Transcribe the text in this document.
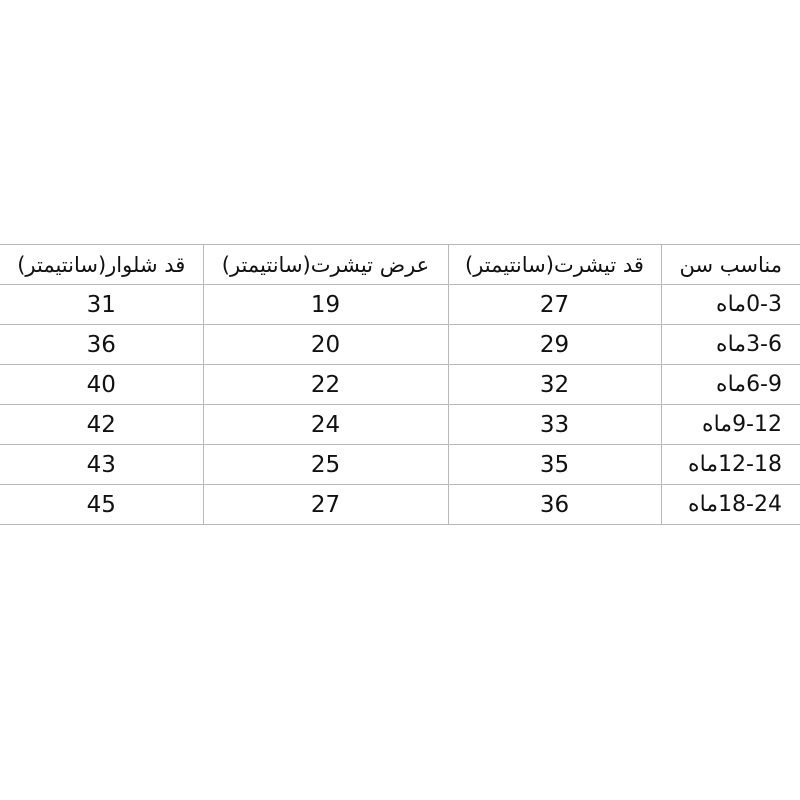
قد شلوار(سانتیمتر)	عرض تیشرت(سانتیمتر)	قد تیشرت(سانتیمتر)	مناسب سن
31	19	27	0-3ماه
36	20	29	3-6ماه
40	22	32	6-9ماه
42	24	33	9-12ماه
43	25	35	12-18ماه
45	27	36	18-24ماه
